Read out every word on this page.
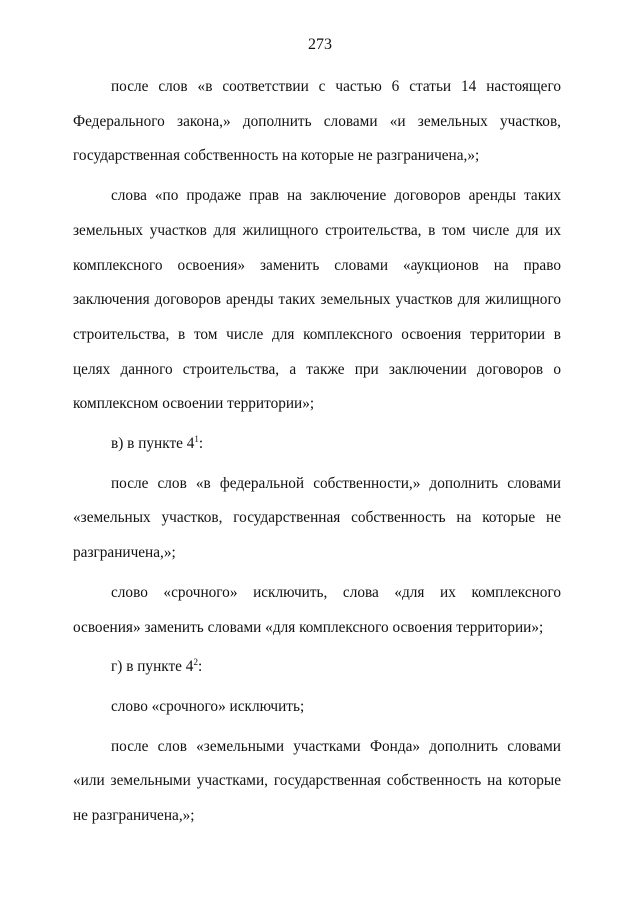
273

после слов «в соответствии с частью 6 статьи 14 настоящего Федерального закона,» дополнить словами «и земельных участков, государственная собственность на которые не разграничена,»;

слова «по продаже прав на заключение договоров аренды таких земельных участков для жилищного строительства, в том числе для их комплексного освоения» заменить словами «аукционов на право заключения договоров аренды таких земельных участков для жилищного строительства, в том числе для комплексного освоения территории в целях данного строительства, а также при заключении договоров о комплексном освоении территории»;

в) в пункте $4^1$:

после слов «в федеральной собственности,» дополнить словами «земельных участков, государственная собственность на которые не разграничена,»;

слово «срочного» исключить, слова «для их комплексного освоения» заменить словами «для комплексного освоения территории»;

г) в пункте $4^2$:

слово «срочного» исключить;

после слов «земельными участками Фонда» дополнить словами «или земельными участками, государственная собственность на которые не разграничена,»;
